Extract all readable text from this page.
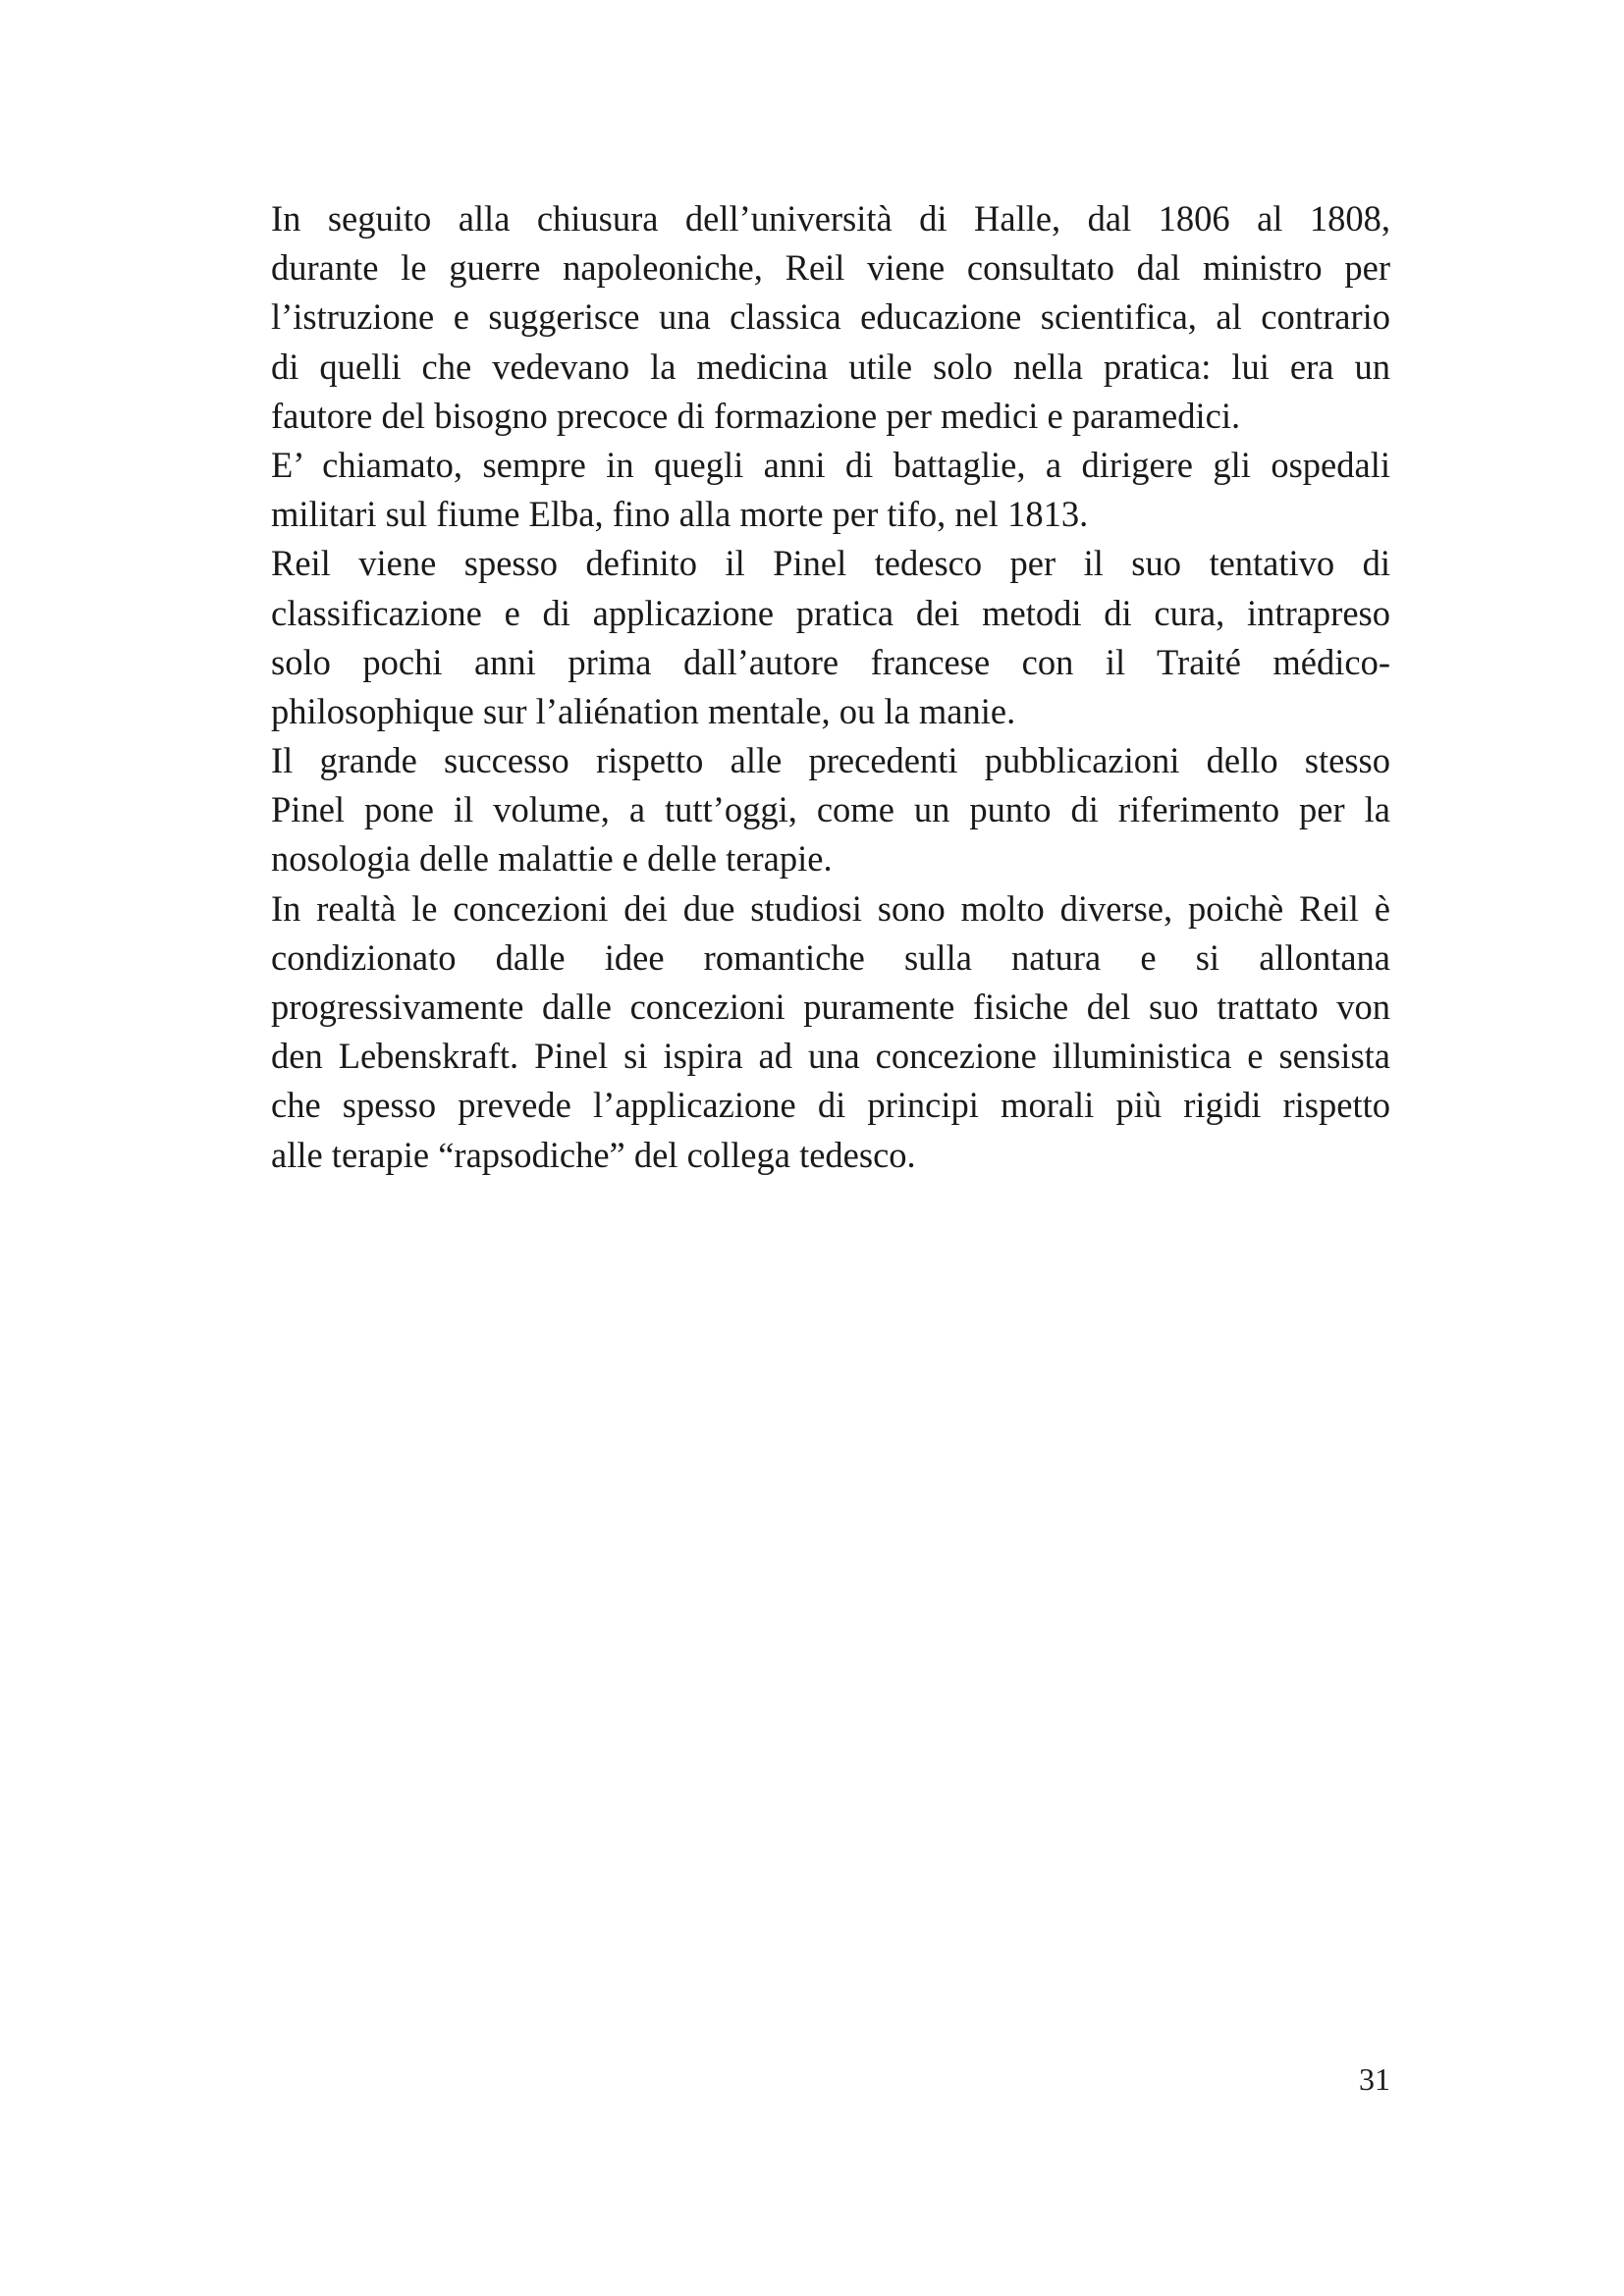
In seguito alla chiusura dell’università di Halle, dal 1806 al 1808,
durante le guerre napoleoniche, Reil viene consultato dal ministro per
l’istruzione e suggerisce una classica educazione scientifica, al contrario
di quelli che vedevano la medicina utile solo nella pratica: lui era un
fautore del bisogno precoce di formazione per medici e paramedici.
E’ chiamato, sempre in quegli anni di battaglie, a dirigere gli ospedali
militari sul fiume Elba, fino alla morte per tifo, nel 1813.
Reil viene spesso definito il Pinel tedesco per il suo tentativo di
classificazione e di applicazione pratica dei metodi di cura, intrapreso
solo pochi anni prima dall’autore francese con il Traité médico-
philosophique sur l’aliénation mentale, ou la manie.
Il grande successo rispetto alle precedenti pubblicazioni dello stesso
Pinel pone il volume, a tutt’oggi, come un punto di riferimento per la
nosologia delle malattie e delle terapie.
In realtà le concezioni dei due studiosi sono molto diverse, poichè Reil è
condizionato dalle idee romantiche sulla natura e si allontana
progressivamente dalle concezioni puramente fisiche del suo trattato von
den Lebenskraft. Pinel si ispira ad una concezione illuministica e sensista
che spesso prevede l’applicazione di principi morali più rigidi rispetto
alle terapie “rapsodiche” del collega tedesco.
31
